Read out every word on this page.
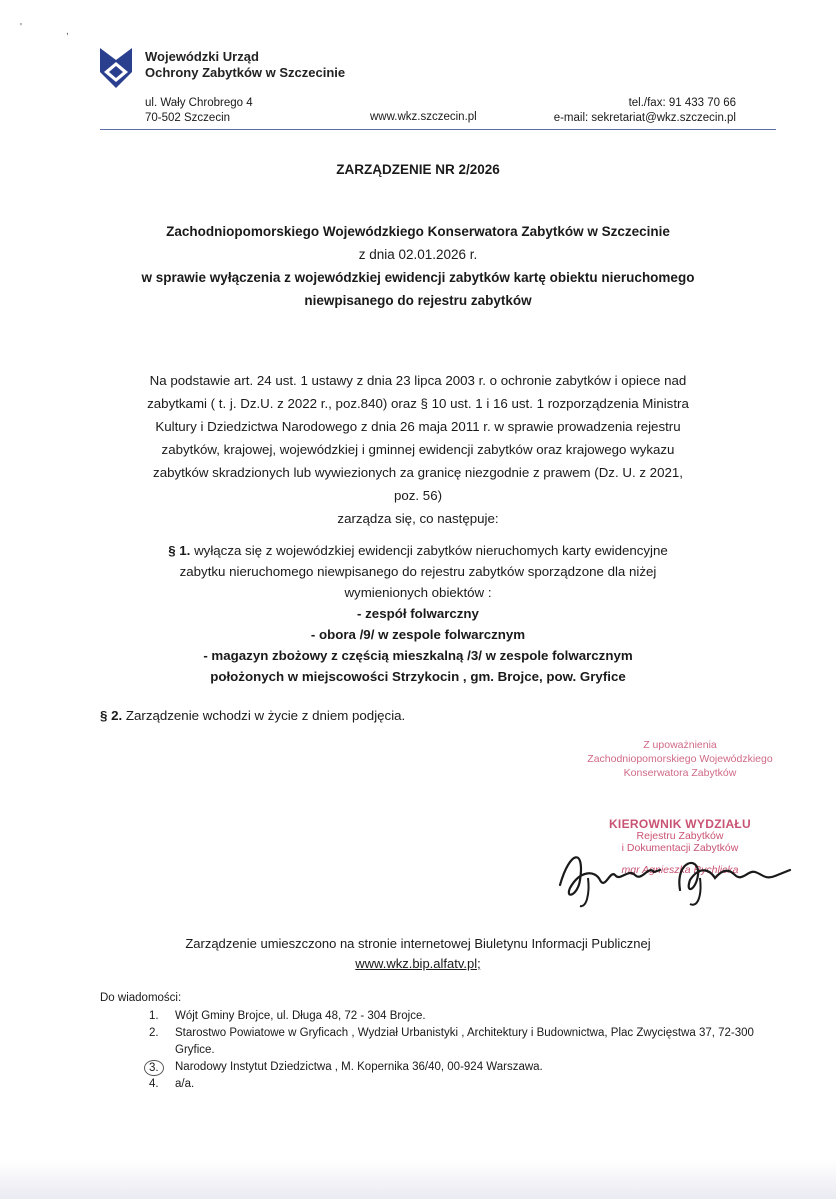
'	,
Wojewódzki Urząd
Ochrony Zabytków w Szczecinie
ul. Wały Chrobrego 4
70-502 Szczecin	www.wkz.szczecin.pl
tel./fax: 91 433 70 66
e-mail: sekretariat@wkz.szczecin.pl
ZARZĄDZENIE NR 2/2026
Zachodniopomorskiego Wojewódzkiego Konserwatora Zabytków w Szczecinie
z dnia 02.01.2026 r.
w sprawie wyłączenia z wojewódzkiej ewidencji zabytków kartę obiektu nieruchomego
niewpisanego do rejestru zabytków
Na podstawie art. 24 ust. 1 ustawy z dnia 23 lipca 2003 r. o ochronie zabytków i opiece nad
zabytkami ( t. j. Dz.U. z 2022 r., poz.840) oraz § 10 ust. 1 i 16 ust. 1 rozporządzenia Ministra
Kultury i Dziedzictwa Narodowego z dnia 26 maja 2011 r. w sprawie prowadzenia rejestru
zabytków, krajowej, wojewódzkiej i gminnej ewidencji zabytków oraz krajowego wykazu
zabytków skradzionych lub wywiezionych za granicę niezgodnie z prawem (Dz. U. z 2021,
poz. 56)
zarządza się, co następuje:
§ 1. wyłącza się z wojewódzkiej ewidencji zabytków nieruchomych karty ewidencyjne
zabytku nieruchomego niewpisanego do rejestru zabytków sporządzone dla niżej
wymienionych obiektów :
- zespół folwarczny
- obora /9/ w zespole folwarcznym
- magazyn zbożowy z częścią mieszkalną /3/ w zespole folwarcznym
położonych w miejscowości Strzykocin , gm. Brojce, pow. Gryfice
§ 2. Zarządzenie wchodzi w życie z dniem podjęcia.
Z upoważnienia
Zachodniopomorskiego Wojewódzkiego
Konserwatora Zabytków
KIEROWNIK WYDZIAŁU
Rejestru Zabytków
i Dokumentacji Zabytków
mgr Agnieszka Rychlicka
Zarządzenie umieszczono na stronie internetowej Biuletynu Informacji Publicznej
www.wkz.bip.alfatv.pl;
Do wiadomości:
1. Wójt Gminy Brojce, ul. Długa 48, 72 - 304 Brojce.
2. Starostwo Powiatowe w Gryficach , Wydział Urbanistyki , Architektury i Budownictwa, Plac Zwycięstwa 37, 72-300 Gryfice.
3.	Narodowy Instytut Dziedzictwa , M. Kopernika 36/40, 00-924 Warszawa.
4. a/a.
